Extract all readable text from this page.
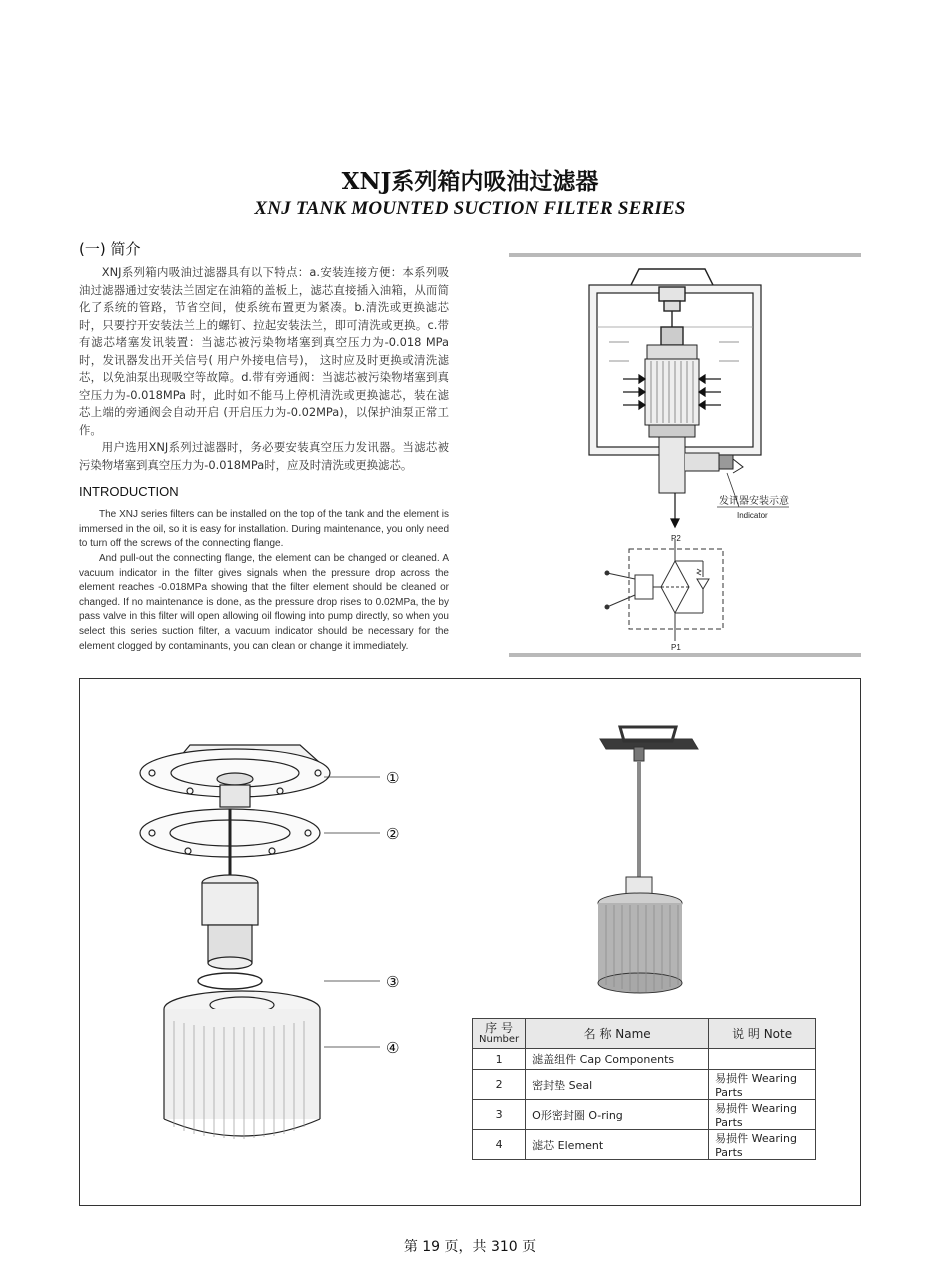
XNJ系列箱内吸油过滤器
XNJ TANK MOUNTED SUCTION FILTER SERIES
(一) 简介

XNJ系列箱内吸油过滤器具有以下特点：a.安装连接方便：本系列吸油过滤器通过安装法兰固定在油箱的盖板上，滤芯直接插入油箱，从而简化了系统的管路，节省空间，使系统布置更为紧凑。b.清洗或更换滤芯时，只要拧开安装法兰上的螺钉、拉起安装法兰，即可清洗或更换。c.带有滤芯堵塞发讯装置：当滤芯被污染物堵塞到真空压力为-0.018 MPa时，发讯器发出开关信号( 用户外接电信号)， 这时应及时更换或清洗滤芯，以免油泵出现吸空等故障。d.带有旁通阀：当滤芯被污染物堵塞到真空压力为-0.018MPa 时，此时如不能马上停机清洗或更换滤芯，装在滤芯上端的旁通阀会自动开启 (开启压力为-0.02MPa)，以保护油泵正常工作。

用户选用XNJ系列过滤器时，务必要安装真空压力发讯器。当滤芯被污染物堵塞到真空压力为-0.018MPa时，应及时清洗或更换滤芯。

INTRODUCTION

The XNJ series filters can be installed on the top of the tank and the element is immersed in the oil, so it is easy for installation. During maintenance, you only need to turn off the screws of the connecting flange.

And pull-out the connecting flange, the element can be changed or cleaned. A vacuum indicator in the filter gives signals when the pressure drop across the element reaches -0.018MPa showing that the filter element should be cleaned or changed. If no maintenance is done, as the pressure drop rises to 0.02MPa, the by pass valve in this filter will open allowing oil flowing into pump directly, so when you select this series suction filter, a vacuum indicator should be necessary for the element clogged by contaminants, you can clean or change it immediately.

发讯器安装示意
Indicator
P2
P1
①
②
③
④
序 号
Number	名 称 Name	说 明 Note
1	滤盖组件 Cap Components	
2	密封垫 Seal	易损件 Wearing Parts
3	O形密封圈 O-ring	易损件 Wearing Parts
4	滤芯 Element	易损件 Wearing Parts
第 19 页，共 310 页
